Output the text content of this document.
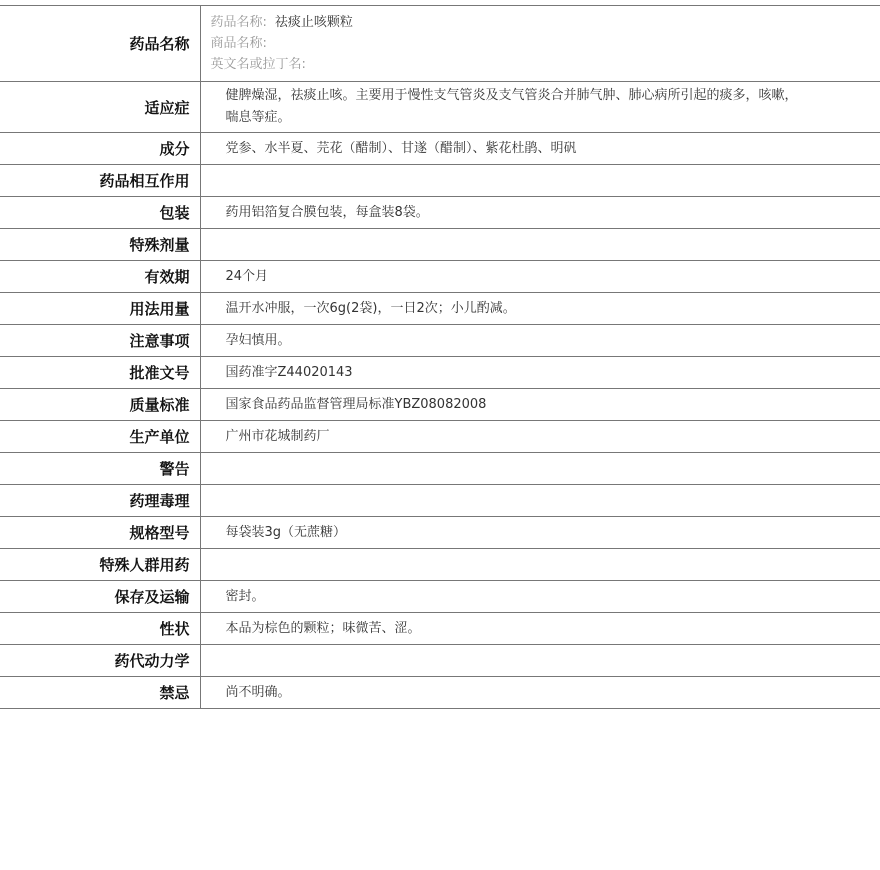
药品名称	药品名称: 祛痰止咳颗粒
商品名称:
英文名或拉丁名:

适应症	健脾燥湿，祛痰止咳。主要用于慢性支气管炎及支气管炎合并肺气肿、肺心病所引起的痰多，咳嗽，喘息等症。
成分	党参、水半夏、芫花（醋制）、甘遂（醋制）、紫花杜鹃、明矾
药品相互作用	
包装	药用铝箔复合膜包装，每盒装8袋。
特殊剂量	
有效期	24个月
用法用量	温开水冲服，一次6g(2袋)，一日2次；小儿酌减。
注意事项	孕妇慎用。
批准文号	国药准字Z44020143
质量标准	国家食品药品监督管理局标准YBZ08082008
生产单位	广州市花城制药厂
警告	
药理毒理	
规格型号	每袋装3g（无蔗糖）
特殊人群用药	
保存及运输	密封。
性状	本品为棕色的颗粒；味微苦、涩。
药代动力学	
禁忌	尚不明确。
